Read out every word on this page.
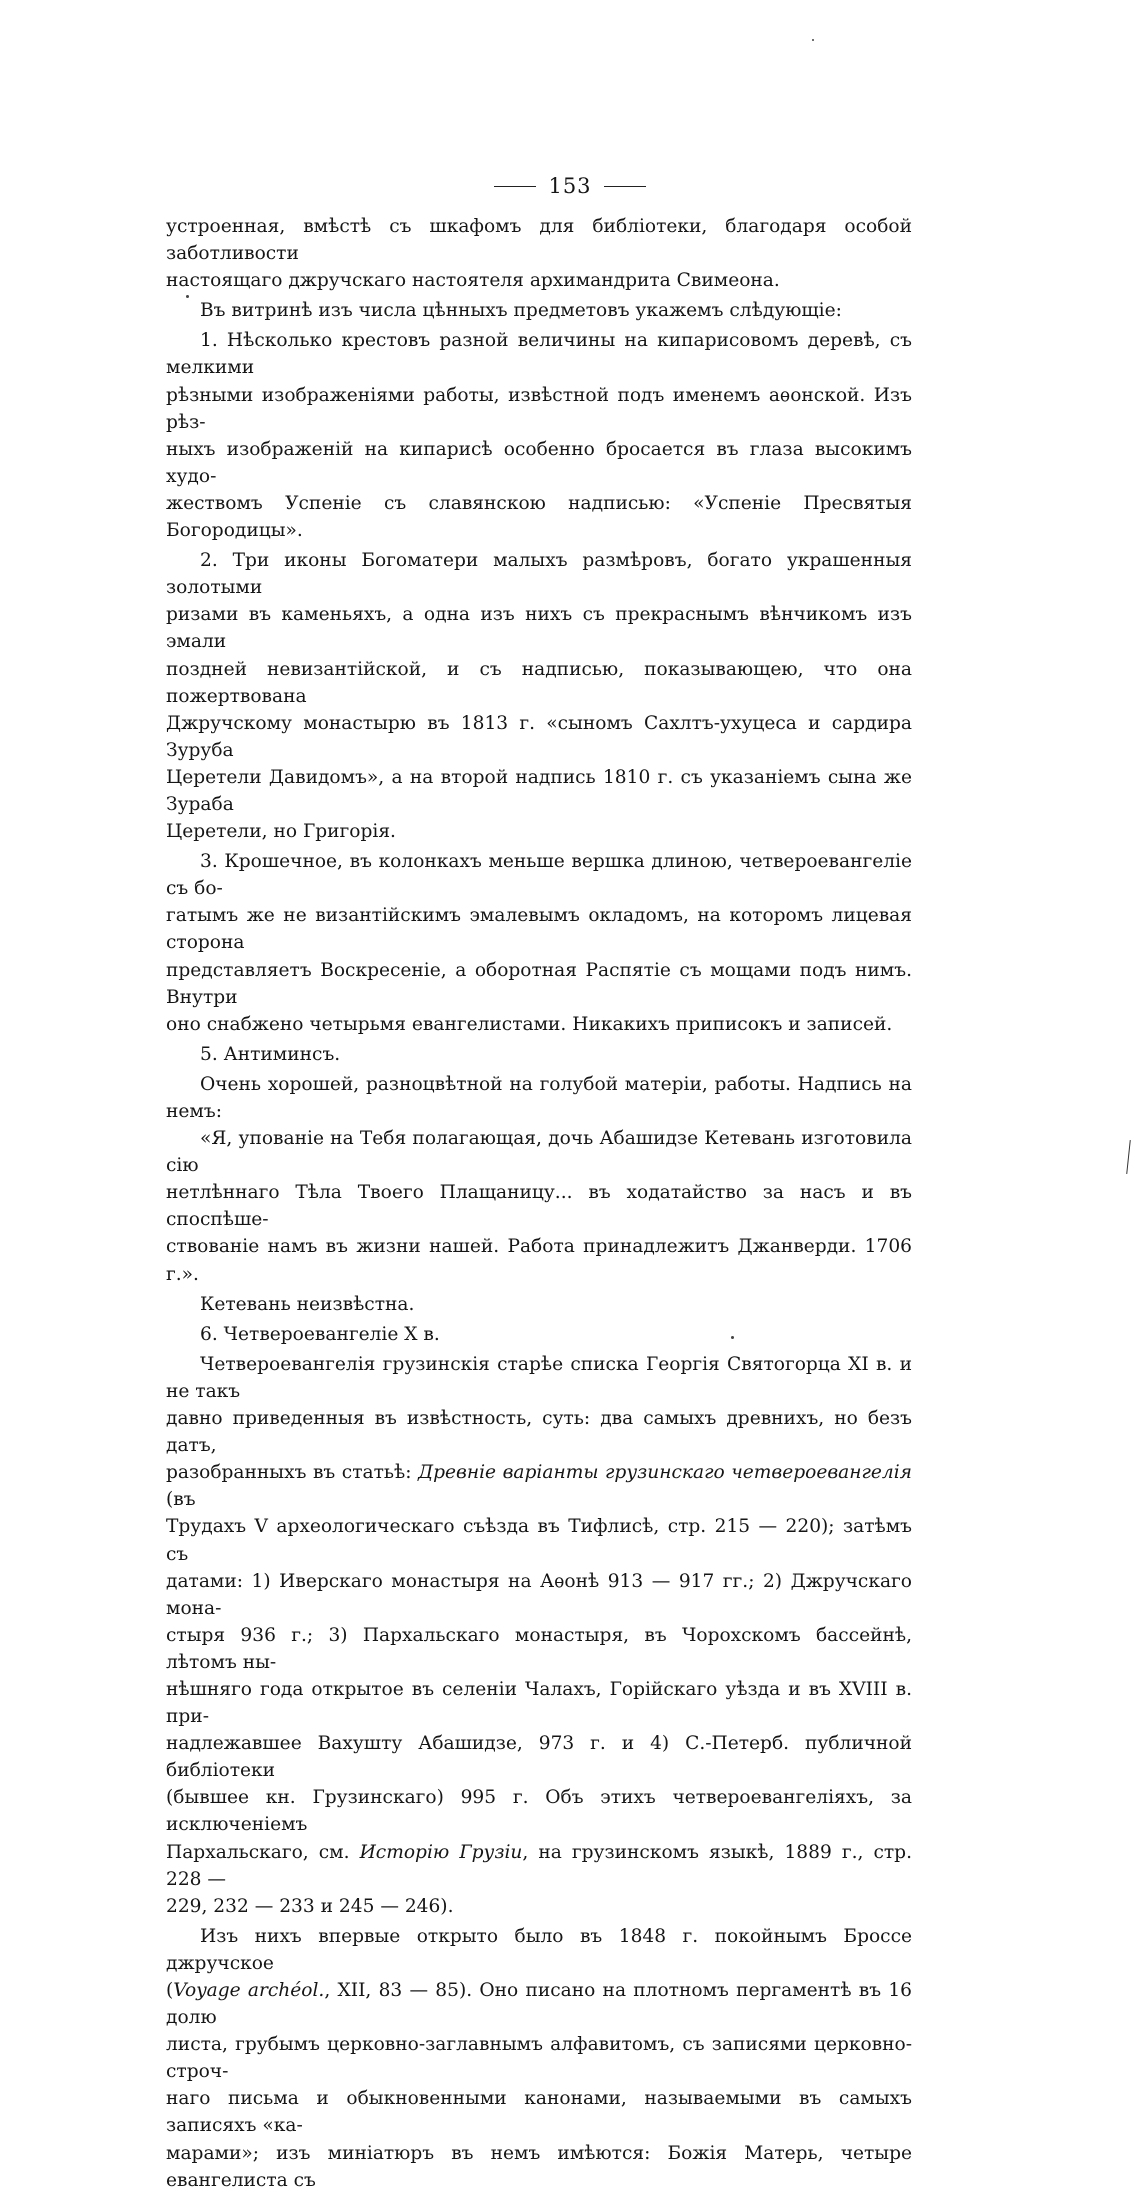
153

устроенная, вмѣстѣ съ шкафомъ для библіотеки, благодаря особой заботливости

настоящаго джручскаго настоятеля архимандрита Свимеона.

Въ витринѣ изъ числа цѣнныхъ предметовъ укажемъ слѣдующіе:

1. Нѣсколько крестовъ разной величины на кипарисовомъ деревѣ, съ мелкими

рѣзными изображеніями работы, извѣстной подъ именемъ аѳонской. Изъ рѣз-

ныхъ изображеній на кипарисѣ особенно бросается въ глаза высокимъ худо-

жествомъ Успеніе съ славянскою надписью: «Успеніе Пресвятыя Богородицы».

2. Три иконы Богоматери малыхъ размѣровъ, богато украшенныя золотыми

ризами въ каменьяхъ, а одна изъ нихъ съ прекраснымъ вѣнчикомъ изъ эмали

поздней невизантійской, и съ надписью, показывающею, что она пожертвована

Джручскому монастырю въ 1813 г. «сыномъ Сахлтъ-ухуцеса и сардира Зуруба

Церетели Давидомъ», а на второй надпись 1810 г. съ указаніемъ сына же Зураба

Церетели, но Григорія.

3. Крошечное, въ колонкахъ меньше вершка длиною, четвероевангеліе съ бо-

гатымъ же не византійскимъ эмалевымъ окладомъ, на которомъ лицевая сторона

представляетъ Воскресеніе, а оборотная Распятіе съ мощами подъ нимъ. Внутри

оно снабжено четырьмя евангелистами. Никакихъ приписокъ и записей.

5. Антиминсъ.

Очень хорошей, разноцвѣтной на голубой матеріи, работы. Надпись на немъ:

«Я, упованіе на Тебя полагающая, дочь Абашидзе Кетевань изготовила сію

нетлѣннаго Тѣла Твоего Плащаницу... въ ходатайство за насъ и въ споспѣше-

ствованіе намъ въ жизни нашей. Работа принадлежитъ Джанверди. 1706 г.».

Кетевань неизвѣстна.

6. Четвероевангеліе X в.

Четвероевангелія грузинскія старѣе списка Георгія Святогорца XI в. и не такъ

давно приведенныя въ извѣстность, суть: два самыхъ древнихъ, но безъ датъ,

разобранныхъ въ статьѣ: Древніе варіанты грузинскаго четвероевангелія (въ

Трудахъ V археологическаго съѣзда въ Тифлисѣ, стр. 215 — 220); затѣмъ съ

датами: 1) Иверскаго монастыря на Аѳонѣ 913 — 917 гг.; 2) Джручскаго мона-

стыря 936 г.; 3) Пархальскаго монастыря, въ Чорохскомъ бассейнѣ, лѣтомъ ны-

нѣшняго года открытое въ селеніи Чалахъ, Горійскаго уѣзда и въ XVIII в. при-

надлежавшее Вахушту Абашидзе, 973 г. и 4) С.-Петерб. публичной библіотеки

(бывшее кн. Грузинскаго) 995 г. Объ этихъ четвероевангеліяхъ, за исключеніемъ

Пархальскаго, см. Исторію Грузіи, на грузинскомъ языкѣ, 1889 г., стр. 228 —

229, 232 — 233 и 245 — 246).

Изъ нихъ впервые открыто было въ 1848 г. покойнымъ Броссе джручское

(Voyage archéol., XII, 83 — 85). Оно писано на плотномъ пергаментѣ въ 16 долю

листа, грубымъ церковно-заглавнымъ алфавитомъ, съ записями церковно-строч-

наго письма и обыкновенными канонами, называемыми въ самыхъ записяхъ «ка-

марами»; изъ миніатюръ въ немъ имѣются: Божія Матерь, четыре евангелиста съ
